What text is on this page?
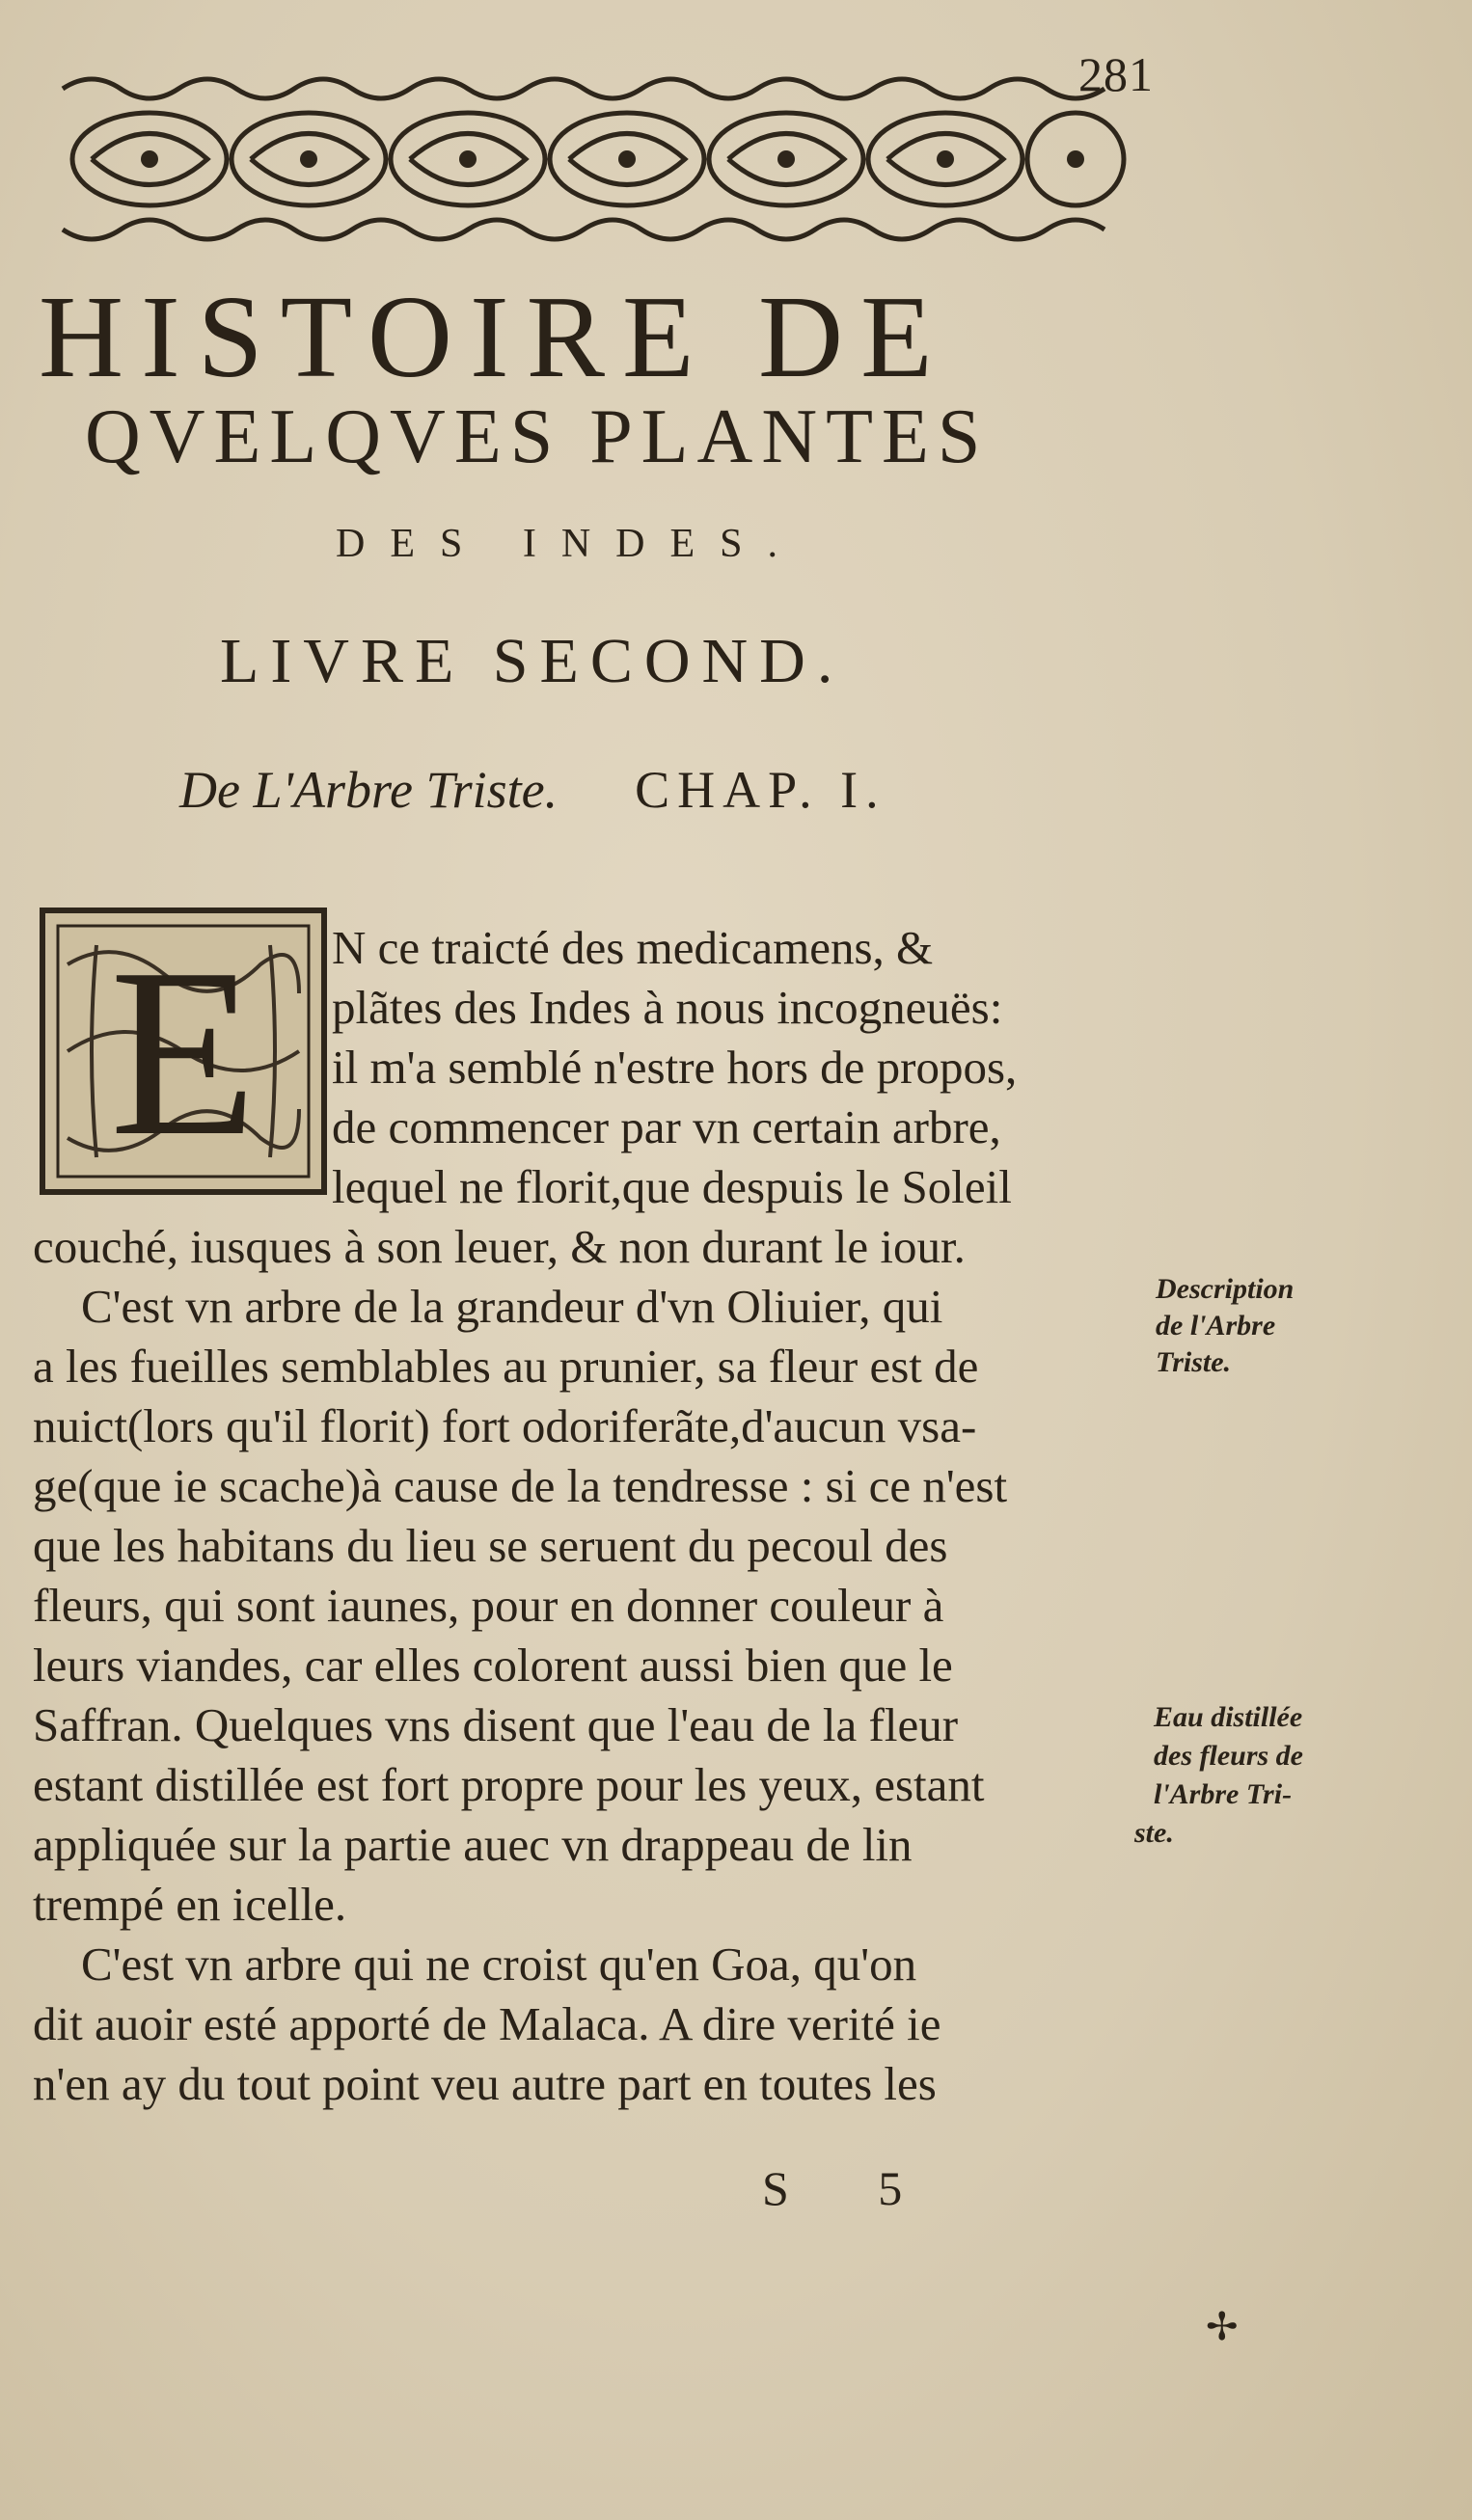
281
HISTOIRE DE
QVELQVES PLANTES
DES INDES.
LIVRE SECOND.
De L'Arbre Triste. CHAP. I.
E N ce traicté des medicamens, &
plãtes des Indes à nous incogneuës:
il m'a semblé n'estre hors de propos,
de commencer par vn certain arbre,
lequel ne florit,que despuis le Soleil
couché, iusques à son leuer, & non durant le iour.
C'est vn arbre de la grandeur d'vn Oliuier, qui
a les fueilles semblables au prunier, sa fleur est de
nuict(lors qu'il florit) fort odoriferãte,d'aucun vsa-
ge(que ie scache)à cause de la tendresse : si ce n'est
que les habitans du lieu se seruent du pecoul des
fleurs, qui sont iaunes, pour en donner couleur à
leurs viandes, car elles colorent aussi bien que le
Saffran. Quelques vns disent que l'eau de la fleur
estant distillée est fort propre pour les yeux, estant
appliquée sur la partie auec vn drappeau de lin
trempé en icelle.
C'est vn arbre qui ne croist qu'en Goa, qu'on
dit auoir esté apporté de Malaca. A dire verité ie
n'en ay du tout point veu autre part en toutes les
Description
de l'Arbre
Triste.
Eau distillée
des fleurs de
l'Arbre Tri-
ste.
S 5
✢
